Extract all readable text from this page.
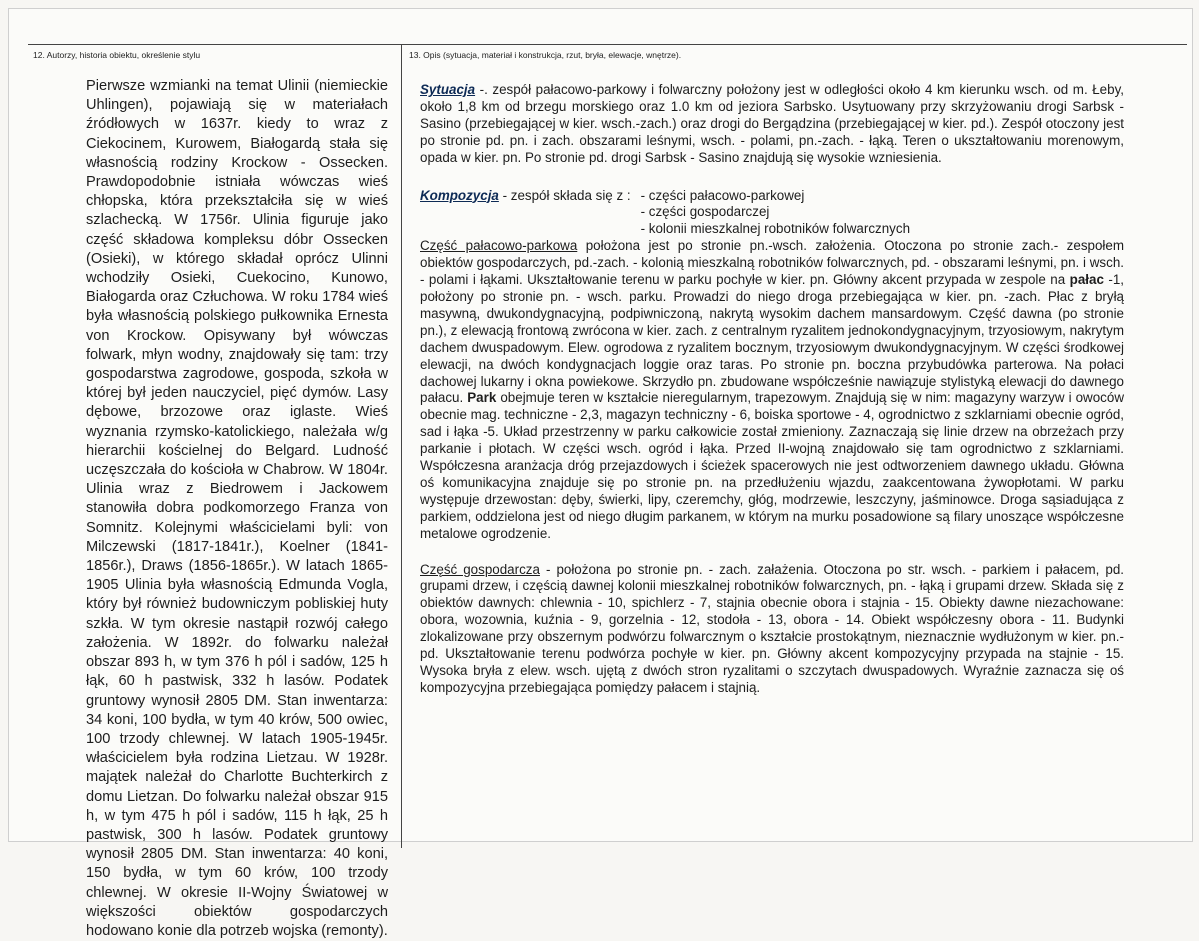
12. Autorzy, historia obiektu, określenie stylu	13. Opis (sytuacja, materiał i konstrukcja, rzut, bryła, elewacje, wnętrze).
Pierwsze wzmianki na temat Ulinii (niemieckie Uhlingen), pojawiają się w materiałach źródłowych w 1637r. kiedy to wraz z Ciekocinem, Kurowem, Białogardą stała się własnością rodziny Krockow - Ossecken. Prawdopodobnie istniała wówczas wieś chłopska, która przekształciła się w wieś szlachecką. W 1756r. Ulinia figuruje jako część składowa kompleksu dóbr Ossecken (Osieki), w którego składał oprócz Ulinni wchodziły Osieki, Cuekocino, Kunowo, Białogarda oraz Człuchowa. W roku 1784 wieś była własnością polskiego pułkownika Ernesta von Krockow. Opisywany był wówczas folwark, młyn wodny, znajdowały się tam: trzy gospodarstwa zagrodowe, gospoda, szkoła w której był jeden nauczyciel, pięć dymów. Lasy dębowe, brzozowe oraz iglaste. Wieś wyznania rzymsko-katolickiego, należała w/g hierarchii kościelnej do Belgard. Ludność uczęszczała do kościoła w Chabrow. W 1804r. Ulinia wraz z Biedrowem i Jackowem stanowiła dobra podkomorzego Franza von Somnitz. Kolejnymi właścicielami byli: von Milczewski (1817-1841r.), Koelner (1841-1856r.), Draws (1856-1865r.). W latach 1865-1905 Ulinia była własnością Edmunda Vogla, który był również budowniczym pobliskiej huty szkła. W tym okresie nastąpił rozwój całego założenia. W 1892r. do folwarku należał obszar 893 h, w tym 376 h pól i sadów, 125 h łąk, 60 h pastwisk, 332 h lasów. Podatek gruntowy wynosił 2805 DM. Stan inwentarza: 34 koni, 100 bydła, w tym 40 krów, 500 owiec, 100 trzody chlewnej. W latach 1905-1945r. właścicielem była rodzina Lietzau. W 1928r. majątek należał do Charlotte Buchterkirch z domu Lietzan. Do folwarku należał obszar 915 h, w tym 475 h pól i sadów, 115 h łąk, 25 h pastwisk, 300 h lasów. Podatek gruntowy wynosił 2805 DM. Stan inwentarza: 40 koni, 150 bydła, w tym 60 krów, 100 trzody chlewnej. W okresie II-Wojny Światowej w większości obiektów gospodarczych hodowano konie dla potrzeb wojska (remonty).

Sytuacja -. zespół pałacowo-parkowy i folwarczny położony jest w odległości około 4 km kierunku wsch. od m. Łeby, około 1,8 km od brzegu morskiego oraz 1.0 km od jeziora Sarbsko. Usytuowany przy skrzyżowaniu drogi Sarbsk - Sasino (przebiegającej w kier. wsch.-zach.) oraz drogi do Bergądzina (przebiegającej w kier. pd.). Zespół otoczony jest po stronie pd. pn. i zach. obszarami leśnymi, wsch. - polami, pn.-zach. - łąką. Teren o ukształtowaniu morenowym, opada w kier. pn. Po stronie pd. drogi Sarbsk - Sasino znajdują się wysokie wzniesienia.

Kompozycja - zespół składa się z : - części pałacowo-parkowej
- części gospodarczej
- kolonii mieszkalnej robotników folwarcznych

Część pałacowo-parkowa położona jest po stronie pn.-wsch. założenia. Otoczona po stronie zach.- zespołem obiektów gospodarczych, pd.-zach. - kolonią mieszkalną robotników folwarcznych, pd. - obszarami leśnymi, pn. i wsch. - polami i łąkami. Ukształtowanie terenu w parku pochyłe w kier. pn. Główny akcent przypada w zespole na pałac -1, położony po stronie pn. - wsch. parku. Prowadzi do niego droga przebiegająca w kier. pn. -zach. Płac z bryłą masywną, dwukondygnacyjną, podpiwniczoną, nakrytą wysokim dachem mansardowym. Część dawna (po stronie pn.), z elewacją frontową zwrócona w kier. zach. z centralnym ryzalitem jednokondygnacyjnym, trzyosiowym, nakrytym dachem dwuspadowym. Elew. ogrodowa z ryzalitem bocznym, trzyosiowym dwukondygnacyjnym. W części środkowej elewacji, na dwóch kondygnacjach loggie oraz taras. Po stronie pn. boczna przybudówka parterowa. Na połaci dachowej lukarny i okna powiekowe. Skrzydło pn. zbudowane współcześnie nawiązuje stylistyką elewacji do dawnego pałacu. Park obejmuje teren w kształcie nieregularnym, trapezowym. Znajdują się w nim: magazyny warzyw i owoców obecnie mag. techniczne - 2,3, magazyn techniczny - 6, boiska sportowe - 4, ogrodnictwo z szklarniami obecnie ogród, sad i łąka -5. Układ przestrzenny w parku całkowicie został zmieniony. Zaznaczają się linie drzew na obrzeżach przy parkanie i płotach. W części wsch. ogród i łąka. Przed II-wojną znajdowało się tam ogrodnictwo z szklarniami. Współczesna aranżacja dróg przejazdowych i ścieżek spacerowych nie jest odtworzeniem dawnego układu. Główna oś komunikacyjna znajduje się po stronie pn. na przedłużeniu wjazdu, zaakcentowana żywopłotami. W parku występuje drzewostan: dęby, świerki, lipy, czeremchy, głóg, modrzewie, leszczyny, jaśminowce. Droga sąsiadująca z parkiem, oddzielona jest od niego długim parkanem, w którym na murku posadowione są filary unoszące współczesne metalowe ogrodzenie.

Część gospodarcza - położona po stronie pn. - zach. załażenia. Otoczona po str. wsch. - parkiem i pałacem, pd. grupami drzew, i częścią dawnej kolonii mieszkalnej robotników folwarcznych, pn. - łąką i grupami drzew. Składa się z obiektów dawnych: chlewnia - 10, spichlerz - 7, stajnia obecnie obora i stajnia - 15. Obiekty dawne niezachowane: obora, wozownia, kuźnia - 9, gorzelnia - 12, stodoła - 13, obora - 14. Obiekt współczesny obora - 11. Budynki zlokalizowane przy obszernym podwórzu folwarcznym o kształcie prostokątnym, nieznacznie wydłużonym w kier. pn.-pd. Ukształtowanie terenu podwórza pochyłe w kier. pn. Główny akcent kompozycyjny przypada na stajnie - 15. Wysoka bryła z elew. wsch. ujętą z dwóch stron ryzalitami o szczytach dwuspadowych. Wyraźnie zaznacza się oś kompozycyjna przebiegająca pomiędzy pałacem i stajnią.
